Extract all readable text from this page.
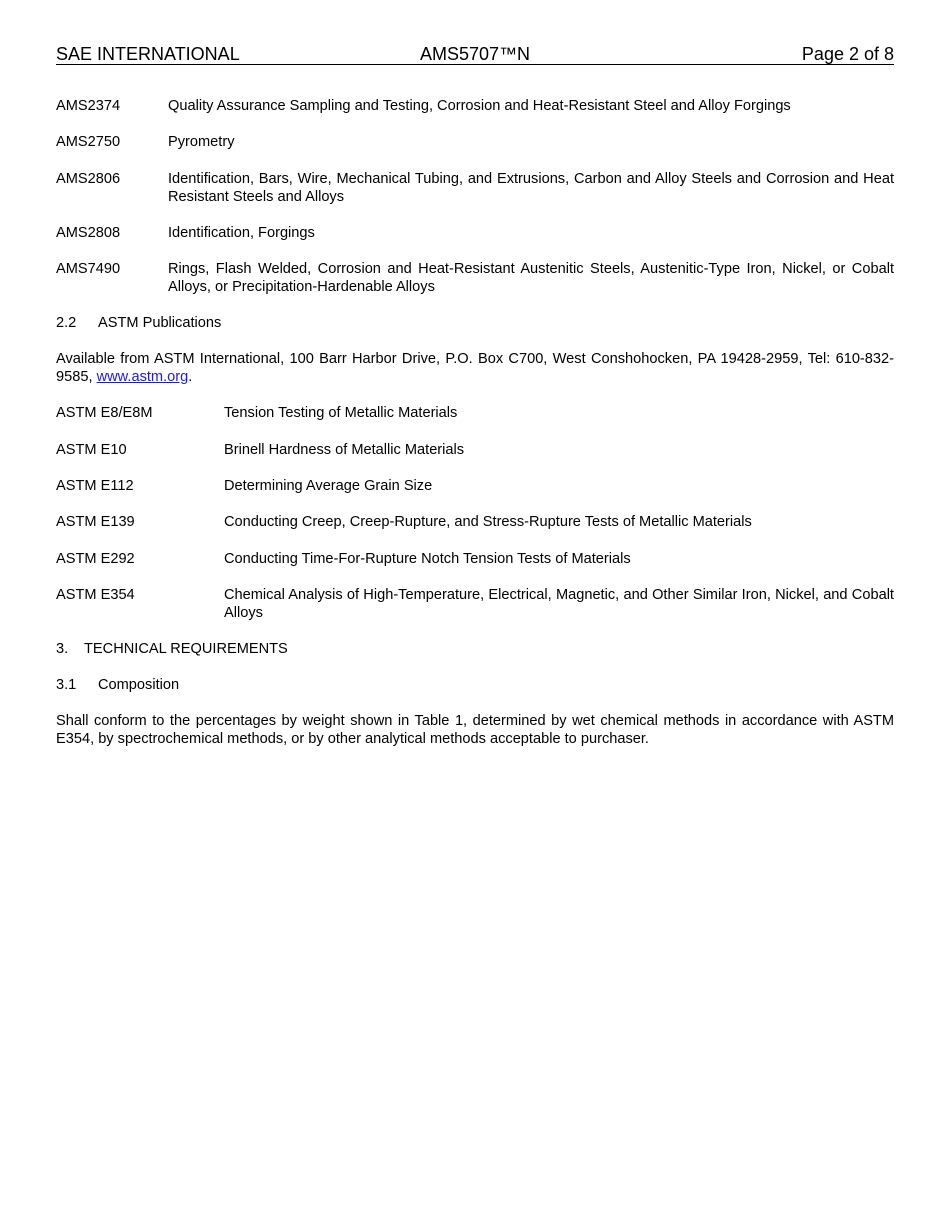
SAE INTERNATIONAL	AMS5707™N	Page 2 of 8
AMS2374	Quality Assurance Sampling and Testing, Corrosion and Heat-Resistant Steel and Alloy Forgings
AMS2750	Pyrometry
AMS2806	Identification, Bars, Wire, Mechanical Tubing, and Extrusions, Carbon and Alloy Steels and Corrosion and Heat Resistant Steels and Alloys
AMS2808	Identification, Forgings
AMS7490	Rings, Flash Welded, Corrosion and Heat-Resistant Austenitic Steels, Austenitic-Type Iron, Nickel, or Cobalt Alloys, or Precipitation-Hardenable Alloys
2.2 ASTM Publications
Available from ASTM International, 100 Barr Harbor Drive, P.O. Box C700, West Conshohocken, PA 19428-2959, Tel: 610-832-9585, www.astm.org.
ASTM E8/E8M	Tension Testing of Metallic Materials
ASTM E10	Brinell Hardness of Metallic Materials
ASTM E112	Determining Average Grain Size
ASTM E139	Conducting Creep, Creep-Rupture, and Stress-Rupture Tests of Metallic Materials
ASTM E292	Conducting Time-For-Rupture Notch Tension Tests of Materials
ASTM E354	Chemical Analysis of High-Temperature, Electrical, Magnetic, and Other Similar Iron, Nickel, and Cobalt Alloys
3. TECHNICAL REQUIREMENTS
3.1 Composition
Shall conform to the percentages by weight shown in Table 1, determined by wet chemical methods in accordance with ASTM E354, by spectrochemical methods, or by other analytical methods acceptable to purchaser.
